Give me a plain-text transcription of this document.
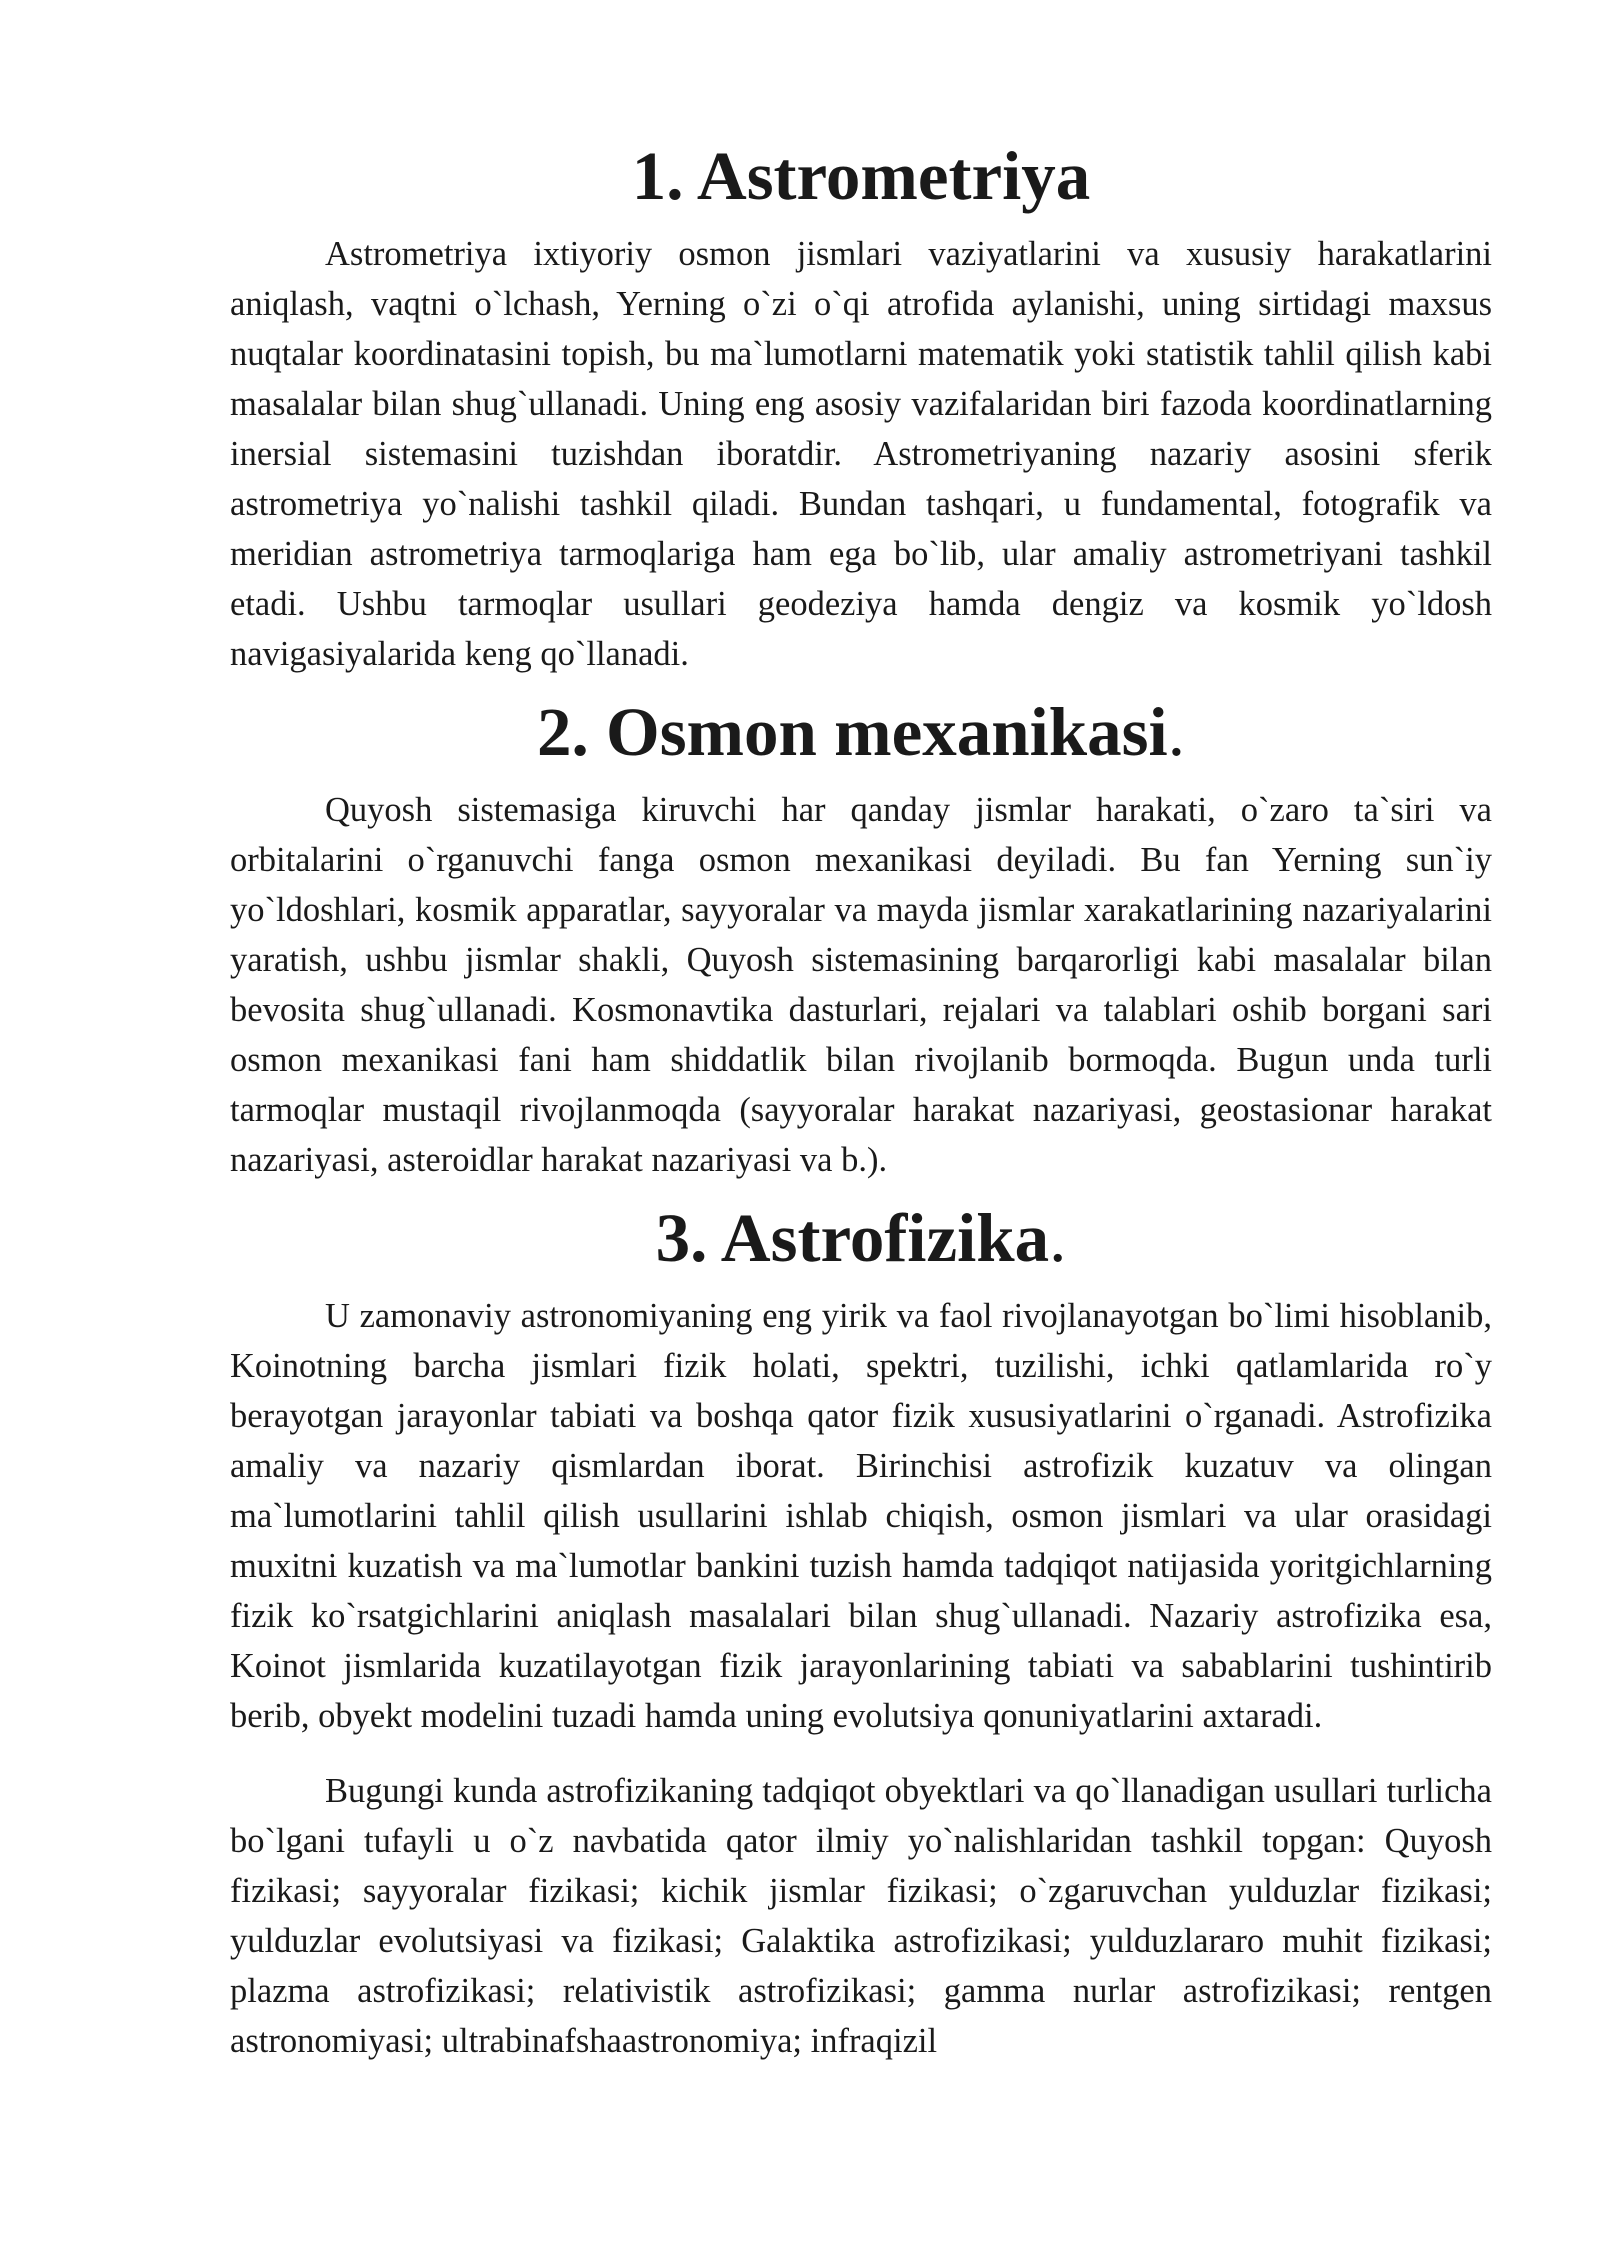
1. Astrometriya

Astrometriya ixtiyoriy osmon jismlari vaziyatlarini va xususiy harakatlarini aniqlash, vaqtni o`lchash, Yerning o`zi o`qi atrofida aylanishi, uning sirtidagi maxsus nuqtalar koordinatasini topish, bu ma`lumotlarni matematik yoki statistik tahlil qilish kabi masalalar bilan shug`ullanadi. Uning eng asosiy vazifalaridan biri fazoda koordinatlarning inersial sistemasini tuzishdan iboratdir. Astrometriyaning nazariy asosini sferik astrometriya yo`nalishi tashkil qiladi. Bundan tashqari, u fundamental, fotografik va meridian astrometriya tarmoqlariga ham ega bo`lib, ular amaliy astrometriyani tashkil etadi. Ushbu tarmoqlar usullari geodeziya hamda dengiz va kosmik yo`ldosh navigasiyalarida keng qo`llanadi.

2. Osmon mexanikasi.

Quyosh sistemasiga kiruvchi har qanday jismlar harakati, o`zaro ta`siri va orbitalarini o`rganuvchi fanga osmon mexanikasi deyiladi. Bu fan Yerning sun`iy yo`ldoshlari, kosmik apparatlar, sayyoralar va mayda jismlar xarakatlarining nazariyalarini yaratish, ushbu jismlar shakli, Quyosh sistemasining barqarorligi kabi masalalar bilan bevosita shug`ullanadi. Kosmonavtika dasturlari, rejalari va talablari oshib borgani sari osmon mexanikasi fani ham shiddatlik bilan rivojlanib bormoqda. Bugun unda turli tarmoqlar mustaqil rivojlanmoqda (sayyoralar harakat nazariyasi, geostasionar harakat nazariyasi, asteroidlar harakat nazariyasi va b.).

3. Astrofizika.

U zamonaviy astronomiyaning eng yirik va faol rivojlanayotgan bo`limi hisoblanib, Koinotning barcha jismlari fizik holati, spektri, tuzilishi, ichki qatlamlarida ro`y berayotgan jarayonlar tabiati va boshqa qator fizik xususiyatlarini o`rganadi. Astrofizika amaliy va nazariy qismlardan iborat. Birinchisi astrofizik kuzatuv va olingan ma`lumotlarini tahlil qilish usullarini ishlab chiqish, osmon jismlari va ular orasidagi muxitni kuzatish va ma`lumotlar bankini tuzish hamda tadqiqot natijasida yoritgichlarning fizik ko`rsatgichlarini aniqlash masalalari bilan shug`ullanadi. Nazariy astrofizika esa, Koinot jismlarida kuzatilayotgan fizik jarayonlarining tabiati va sabablarini tushintirib berib, obyekt modelini tuzadi hamda uning evolutsiya qonuniyatlarini axtaradi.

Bugungi kunda astrofizikaning tadqiqot obyektlari va qo`llanadigan usullari turlicha bo`lgani tufayli u o`z navbatida qator ilmiy yo`nalishlaridan tashkil topgan: Quyosh fizikasi; sayyoralar fizikasi; kichik jismlar fizikasi; o`zgaruvchan yulduzlar fizikasi; yulduzlar evolutsiyasi va fizikasi; Galaktika astrofizikasi; yulduzlararo muhit fizikasi; plazma astrofizikasi; relativistik astrofizikasi; gamma nurlar astrofizikasi; rentgen astronomiyasi; ultrabinafshaastronomiya; infraqizil
